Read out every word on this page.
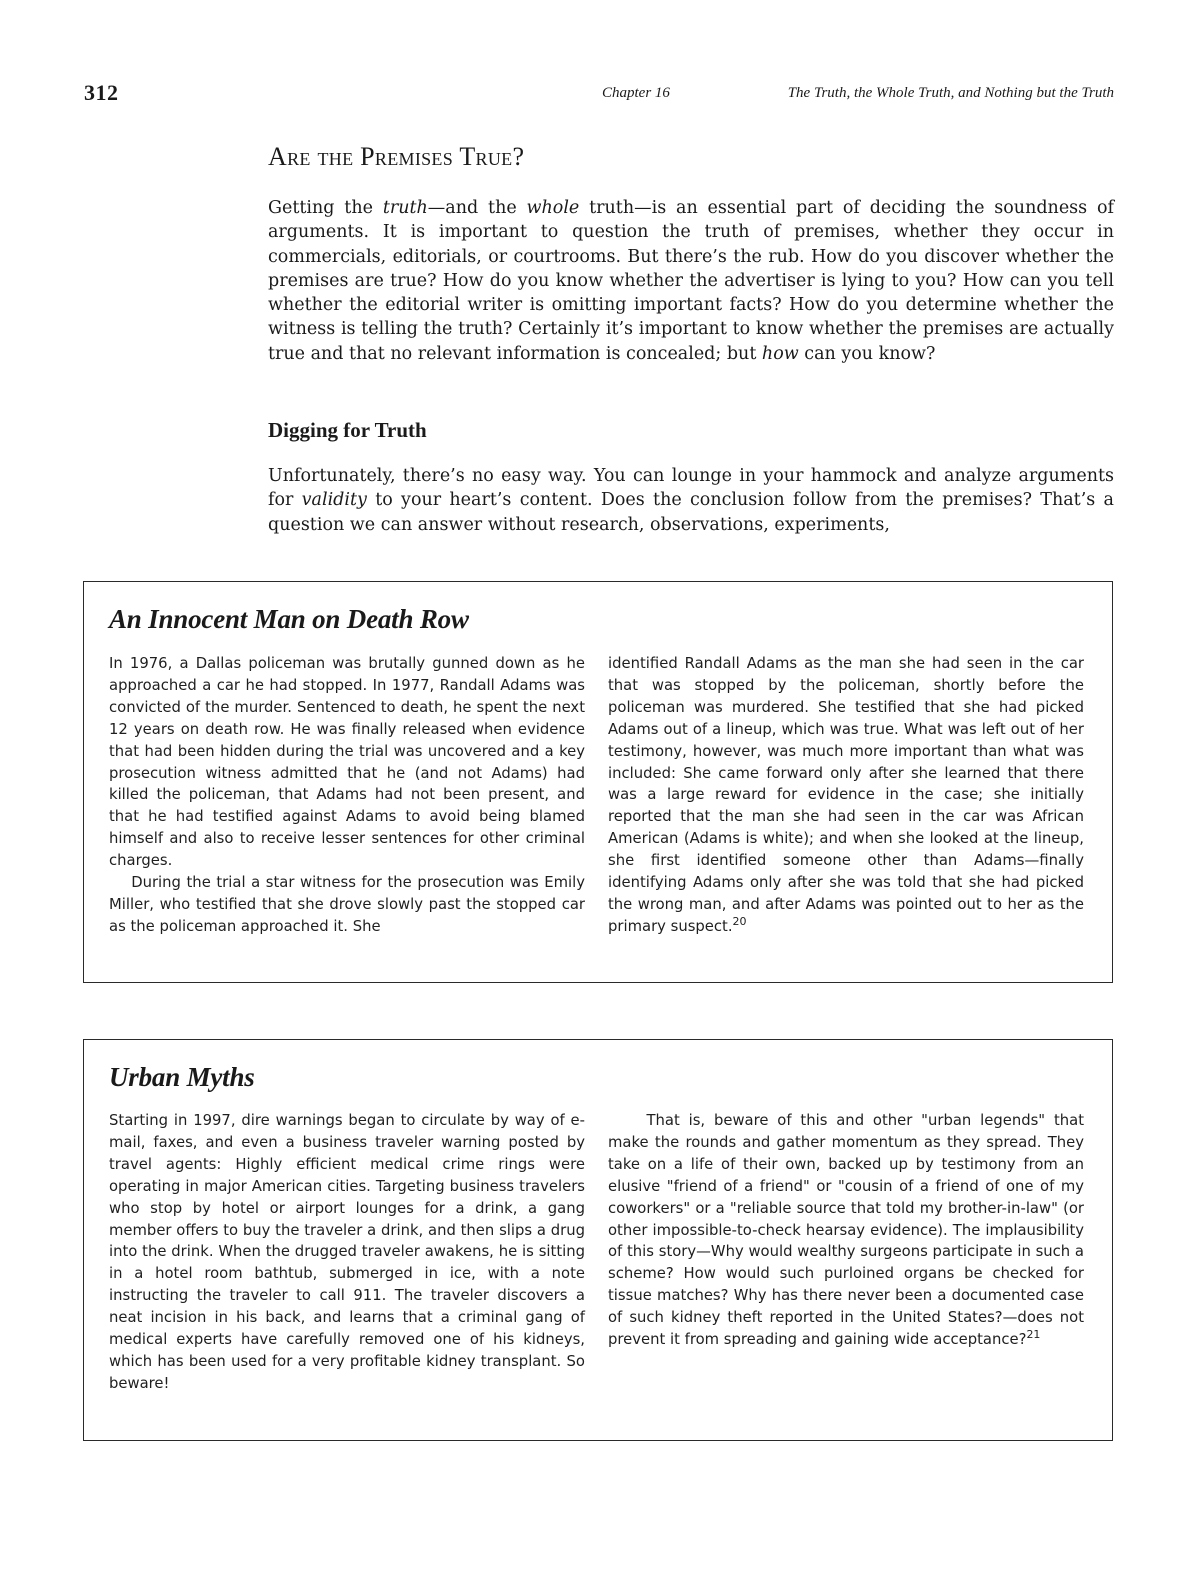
312	Chapter 16	The Truth, the Whole Truth, and Nothing but the Truth
Are the Premises True?

Getting the truth—and the whole truth—is an essential part of deciding the soundness of arguments. It is important to question the truth of premises, whether they occur in commercials, editorials, or courtrooms. But there’s the rub. How do you discover whether the premises are true? How do you know whether the advertiser is lying to you? How can you tell whether the editorial writer is omitting important facts? How do you determine whether the witness is telling the truth? Certainly it’s important to know whether the premises are actually true and that no relevant information is concealed; but how can you know?

Digging for Truth

Unfortunately, there’s no easy way. You can lounge in your hammock and analyze arguments for validity to your heart’s content. Does the conclusion follow from the premises? That’s a question we can answer without research, observations, experiments,

An Innocent Man on Death Row

In 1976, a Dallas policeman was brutally gunned down as he approached a car he had stopped. In 1977, Randall Adams was convicted of the murder. Sentenced to death, he spent the next 12 years on death row. He was finally released when evidence that had been hidden during the trial was uncovered and a key prosecution witness admitted that he (and not Adams) had killed the policeman, that Adams had not been present, and that he had testified against Adams to avoid being blamed himself and also to receive lesser sentences for other criminal charges.

During the trial a star witness for the prosecution was Emily Miller, who testified that she drove slowly past the stopped car as the policeman approached it. She

identified Randall Adams as the man she had seen in the car that was stopped by the policeman, shortly before the policeman was murdered. She testified that she had picked Adams out of a lineup, which was true. What was left out of her testimony, however, was much more important than what was included: She came forward only after she learned that there was a large reward for evidence in the case; she initially reported that the man she had seen in the car was African American (Adams is white); and when she looked at the lineup, she first identified someone other than Adams—finally identifying Adams only after she was told that she had picked the wrong man, and after Adams was pointed out to her as the primary suspect.$^{20}$

Urban Myths

Starting in 1997, dire warnings began to circulate by way of e-mail, faxes, and even a business traveler warning posted by travel agents: Highly efficient medical crime rings were operating in major American cities. Targeting business travelers who stop by hotel or airport lounges for a drink, a gang member offers to buy the traveler a drink, and then slips a drug into the drink. When the drugged traveler awakens, he is sitting in a hotel room bathtub, submerged in ice, with a note instructing the traveler to call 911. The traveler discovers a neat incision in his back, and learns that a criminal gang of medical experts have carefully removed one of his kidneys, which has been used for a very profitable kidney transplant. So beware!

That is, beware of this and other "urban legends" that make the rounds and gather momentum as they spread. They take on a life of their own, backed up by testimony from an elusive "friend of a friend" or "cousin of a friend of one of my coworkers" or a "reliable source that told my brother-in-law" (or other impossible-to-check hearsay evidence). The implausibility of this story—Why would wealthy surgeons participate in such a scheme? How would such purloined organs be checked for tissue matches? Why has there never been a documented case of such kidney theft reported in the United States?—does not prevent it from spreading and gaining wide acceptance?$^{21}$
